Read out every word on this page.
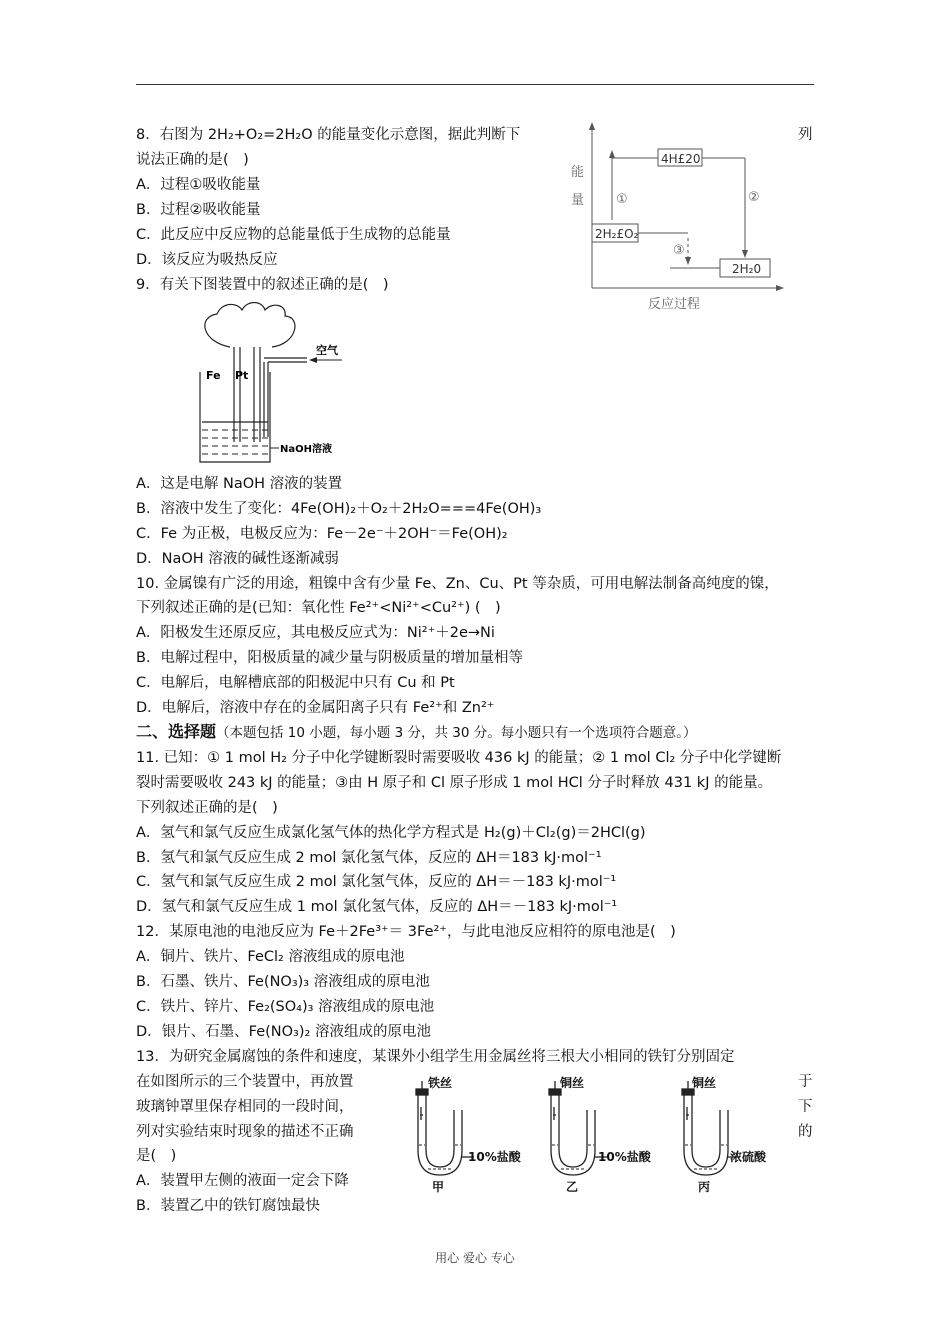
8．右图为 2H₂+O₂=2H₂O 的能量变化示意图，据此判断下	列
说法正确的是(　)
A．过程①吸收能量
B．过程②吸收能量
C．此反应中反应物的总能量低于生成物的总能量
D．该反应为吸热反应
能
量
反应过程
4H£20
2H₂£O₂
2H₂0
①	②
③
9．有关下图装置中的叙述正确的是(　)
Fe Pt
空气
NaOH溶液
A．这是电解 NaOH 溶液的装置
B．溶液中发生了变化：4Fe(OH)₂＋O₂＋2H₂O===4Fe(OH)₃
C．Fe 为正极，电极反应为：Fe－2e⁻＋2OH⁻＝Fe(OH)₂
D．NaOH 溶液的碱性逐渐减弱
10. 金属镍有广泛的用途，粗镍中含有少量 Fe、Zn、Cu、Pt 等杂质，可用电解法制备高纯度的镍，
下列叙述正确的是(已知：氧化性 Fe²⁺<Ni²⁺<Cu²⁺) (　)
A．阳极发生还原反应，其电极反应式为：Ni²⁺＋2e→Ni
B．电解过程中，阳极质量的减少量与阴极质量的增加量相等
C．电解后，电解槽底部的阳极泥中只有 Cu 和 Pt
D．电解后，溶液中存在的金属阳离子只有 Fe²⁺和 Zn²⁺
二、选择题（本题包括 10 小题，每小题 3 分，共 30 分。每小题只有一个选项符合题意。）
11. 已知：① 1 mol H₂ 分子中化学键断裂时需要吸收 436 kJ 的能量；② 1 mol Cl₂ 分子中化学键断
裂时需要吸收 243 kJ 的能量；③由 H 原子和 Cl 原子形成 1 mol HCl 分子时释放 431 kJ 的能量。
下列叙述正确的是(　)
A．氢气和氯气反应生成氯化氢气体的热化学方程式是 H₂(g)＋Cl₂(g)＝2HCl(g)
B．氢气和氯气反应生成 2 mol 氯化氢气体，反应的 ΔH＝183 kJ·mol⁻¹
C．氢气和氯气反应生成 2 mol 氯化氢气体，反应的 ΔH＝－183 kJ·mol⁻¹
D．氢气和氯气反应生成 1 mol 氯化氢气体，反应的 ΔH＝－183 kJ·mol⁻¹
12．某原电池的电池反应为 Fe＋2Fe³⁺＝ 3Fe²⁺，与此电池反应相符的原电池是(　)
A．铜片、铁片、FeCl₂ 溶液组成的原电池
B．石墨、铁片、Fe(NO₃)₃ 溶液组成的原电池
C．铁片、锌片、Fe₂(SO₄)₃ 溶液组成的原电池
D．银片、石墨、Fe(NO₃)₂ 溶液组成的原电池
13．为研究金属腐蚀的条件和速度，某课外小组学生用金属丝将三根大小相同的铁钉分别固定
在如图所示的三个装置中，再放置	于
玻璃钟罩里保存相同的一段时间，	下
列对实验结束时现象的描述不正确	的
是(　)
A．装置甲左侧的液面一定会下降
B．装置乙中的铁钉腐蚀最快
铁丝
10%盐酸
甲
铜丝
10%盐酸
乙
铜丝
浓硫酸
丙
用心 爱心 专心
